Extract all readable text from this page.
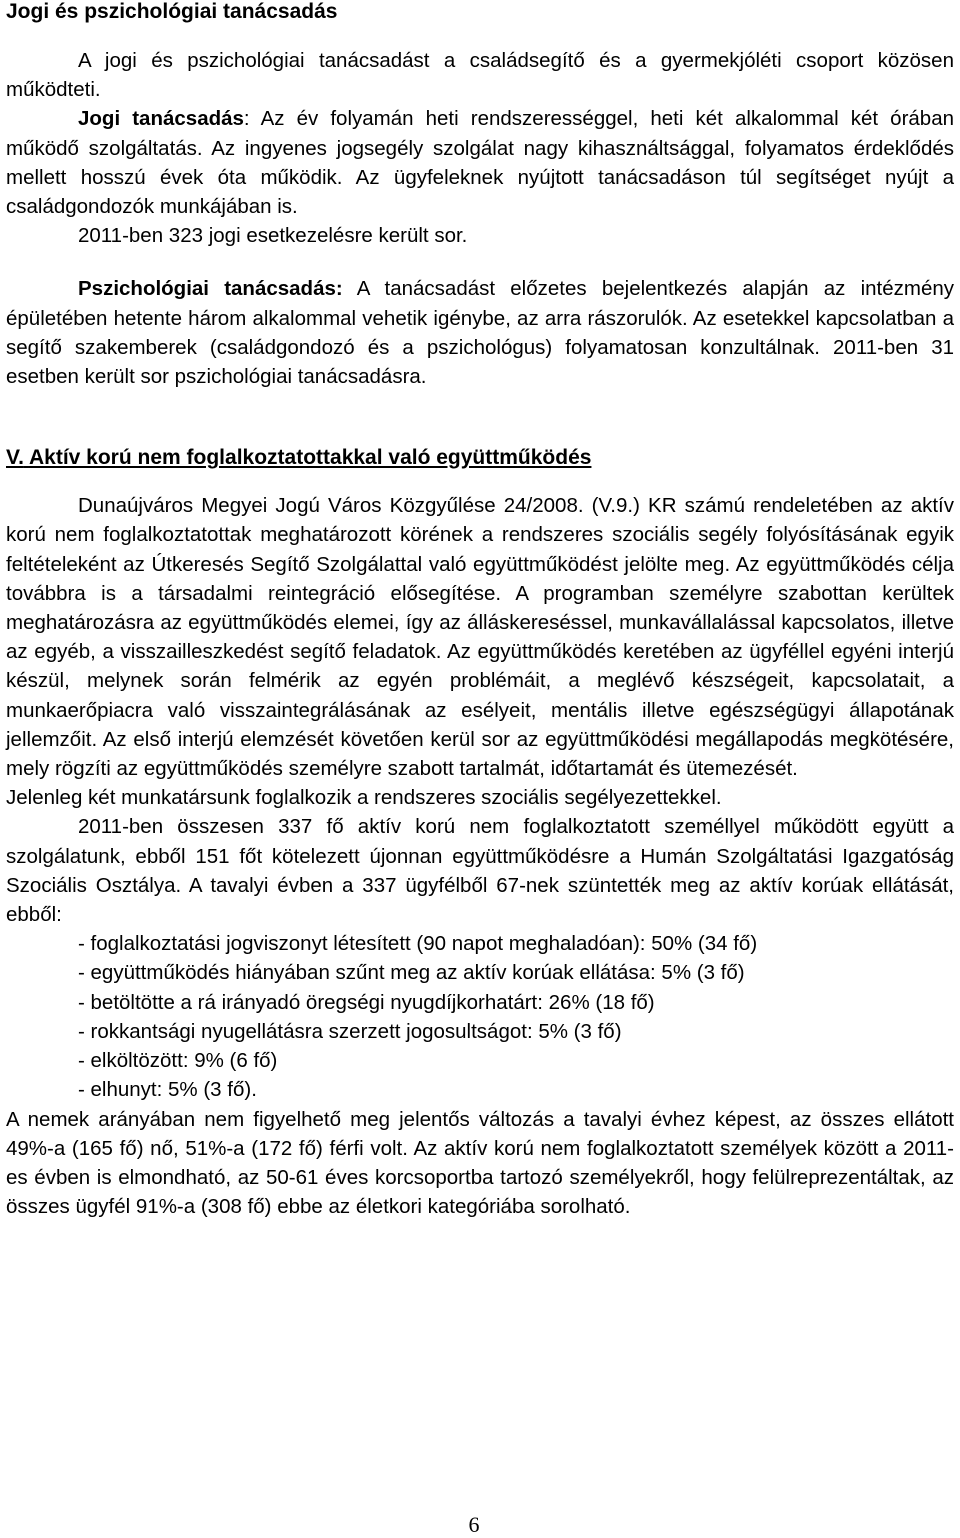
Jogi és pszichológiai tanácsadás

A jogi és pszichológiai tanácsadást a családsegítő és a gyermekjóléti csoport közösen működteti.

Jogi tanácsadás: Az év folyamán heti rendszerességgel, heti két alkalommal két órában működő szolgáltatás. Az ingyenes jogsegély szolgálat nagy kihasználtsággal, folyamatos érdeklődés mellett hosszú évek óta működik. Az ügyfeleknek nyújtott tanácsadáson túl segítséget nyújt a családgondozók munkájában is.

2011-ben 323 jogi esetkezelésre került sor.

Pszichológiai tanácsadás: A tanácsadást előzetes bejelentkezés alapján az intézmény épületében hetente három alkalommal vehetik igénybe, az arra rászorulók. Az esetekkel kapcsolatban a segítő szakemberek (családgondozó és a pszichológus) folyamatosan konzultálnak. 2011-ben 31 esetben került sor pszichológiai tanácsadásra.

V. Aktív korú nem foglalkoztatottakkal való együttműködés

Dunaújváros Megyei Jogú Város Közgyűlése 24/2008. (V.9.) KR számú rendeletében az aktív korú nem foglalkoztatottak meghatározott körének a rendszeres szociális segély folyósításának egyik feltételeként az Útkeresés Segítő Szolgálattal való együttműködést jelölte meg. Az együttműködés célja továbbra is a társadalmi reintegráció elősegítése. A programban személyre szabottan kerültek meghatározásra az együttműködés elemei, így az álláskereséssel, munkavállalással kapcsolatos, illetve az egyéb, a visszailleszkedést segítő feladatok. Az együttműködés keretében az ügyféllel egyéni interjú készül, melynek során felmérik az egyén problémáit, a meglévő készségeit, kapcsolatait, a munkaerőpiacra való visszaintegrálásának az esélyeit, mentális illetve egészségügyi állapotának jellemzőit. Az első interjú elemzését követően kerül sor az együttműködési megállapodás megkötésére, mely rögzíti az együttműködés személyre szabott tartalmát, időtartamát és ütemezését.

Jelenleg két munkatársunk foglalkozik a rendszeres szociális segélyezettekkel.

2011-ben összesen 337 fő aktív korú nem foglalkoztatott személlyel működött együtt a szolgálatunk, ebből 151 főt kötelezett újonnan együttműködésre a Humán Szolgáltatási Igazgatóság Szociális Osztálya. A tavalyi évben a 337 ügyfélből 67-nek szüntették meg az aktív korúak ellátását, ebből:

- foglalkoztatási jogviszonyt létesített (90 napot meghaladóan): 50% (34 fő)
- együttműködés hiányában szűnt meg az aktív korúak ellátása: 5% (3 fő)
- betöltötte a rá irányadó öregségi nyugdíjkorhatárt: 26% (18 fő)
- rokkantsági nyugellátásra szerzett jogosultságot: 5% (3 fő)
- elköltözött: 9% (6 fő)
- elhunyt: 5% (3 fő).

A nemek arányában nem figyelhető meg jelentős változás a tavalyi évhez képest, az összes ellátott 49%-a (165 fő) nő, 51%-a (172 fő) férfi volt. Az aktív korú nem foglalkoztatott személyek között a 2011-es évben is elmondható, az 50-61 éves korcsoportba tartozó személyekről, hogy felülreprezentáltak, az összes ügyfél 91%-a (308 fő) ebbe az életkori kategóriába sorolható.

6
